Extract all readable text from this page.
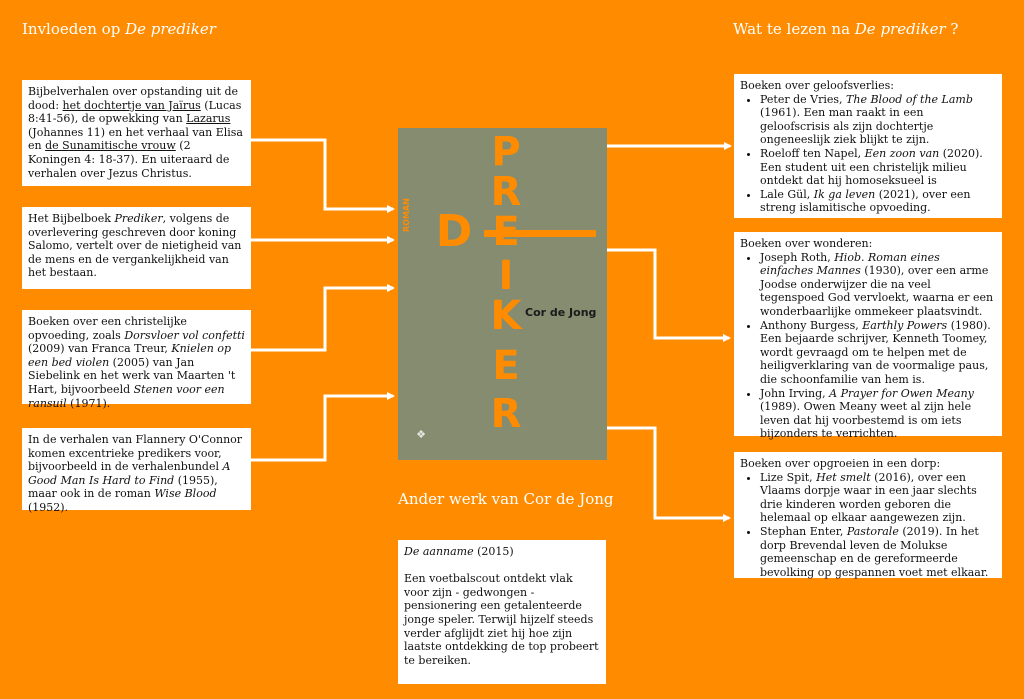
Invloeden op De prediker	Wat te lezen na De prediker ?
Ander werk van Cor de Jong

Bijbelverhalen over opstanding uit de dood: het dochtertje van Jaïrus (Lucas 8:41-56), de opwekking van Lazarus (Johannes 11) en het verhaal van Elisa en de Sunamitische vrouw (2 Koningen 4: 18-37). En uiteraard de verhalen over Jezus Christus.

Het Bijbelboek Prediker, volgens de overlevering geschreven door koning Salomo, vertelt over de nietigheid van de mens en de vergankelijkheid van het bestaan.

Boeken over een christelijke opvoeding, zoals Dorsvloer vol confetti (2009) van Franca Treur, Knielen op een bed violen (2005) van Jan Siebelink en het werk van Maarten 't Hart, bijvoorbeeld Stenen voor een ransuil (1971).

In de verhalen van Flannery O'Connor komen excentrieke predikers voor, bijvoorbeeld in de verhalenbundel A Good Man Is Hard to Find (1955), maar ook in de roman Wise Blood (1952).

P
R
D E
I
K
E
R
Cor de Jong
ROMAN
❖

Boeken over geloofsverlies:

• Peter de Vries, The Blood of the Lamb (1961). Een man raakt in een geloofscrisis als zijn dochtertje ongeneeslijk ziek blijkt te zijn.
• Roeloff ten Napel, Een zoon van (2020). Een student uit een christelijk milieu ontdekt dat hij homoseksueel is
• Lale Gül, Ik ga leven (2021), over een streng islamitische opvoeding.

Boeken over wonderen:

• Joseph Roth, Hiob. Roman eines einfaches Mannes (1930), over een arme Joodse onderwijzer die na veel tegenspoed God vervloekt, waarna er een wonderbaarlijke ommekeer plaatsvindt.
• Anthony Burgess, Earthly Powers (1980). Een bejaarde schrijver, Kenneth Toomey, wordt gevraagd om te helpen met de heiligverklaring van de voormalige paus, die schoonfamilie van hem is.
• John Irving, A Prayer for Owen Meany (1989). Owen Meany weet al zijn hele leven dat hij voorbestemd is om iets bijzonders te verrichten.

Boeken over opgroeien in een dorp:

• Lize Spit, Het smelt (2016), over een Vlaams dorpje waar in een jaar slechts drie kinderen worden geboren die helemaal op elkaar aangewezen zijn.
• Stephan Enter, Pastorale (2019). In het dorp Brevendal leven de Molukse gemeenschap en de gereformeerde bevolking op gespannen voet met elkaar.

De aanname (2015)

Een voetbalscout ontdekt vlak voor zijn - gedwongen - pensionering een getalenteerde jonge speler. Terwijl hijzelf steeds verder afglijdt ziet hij hoe zijn laatste ontdekking de top probeert te bereiken.
